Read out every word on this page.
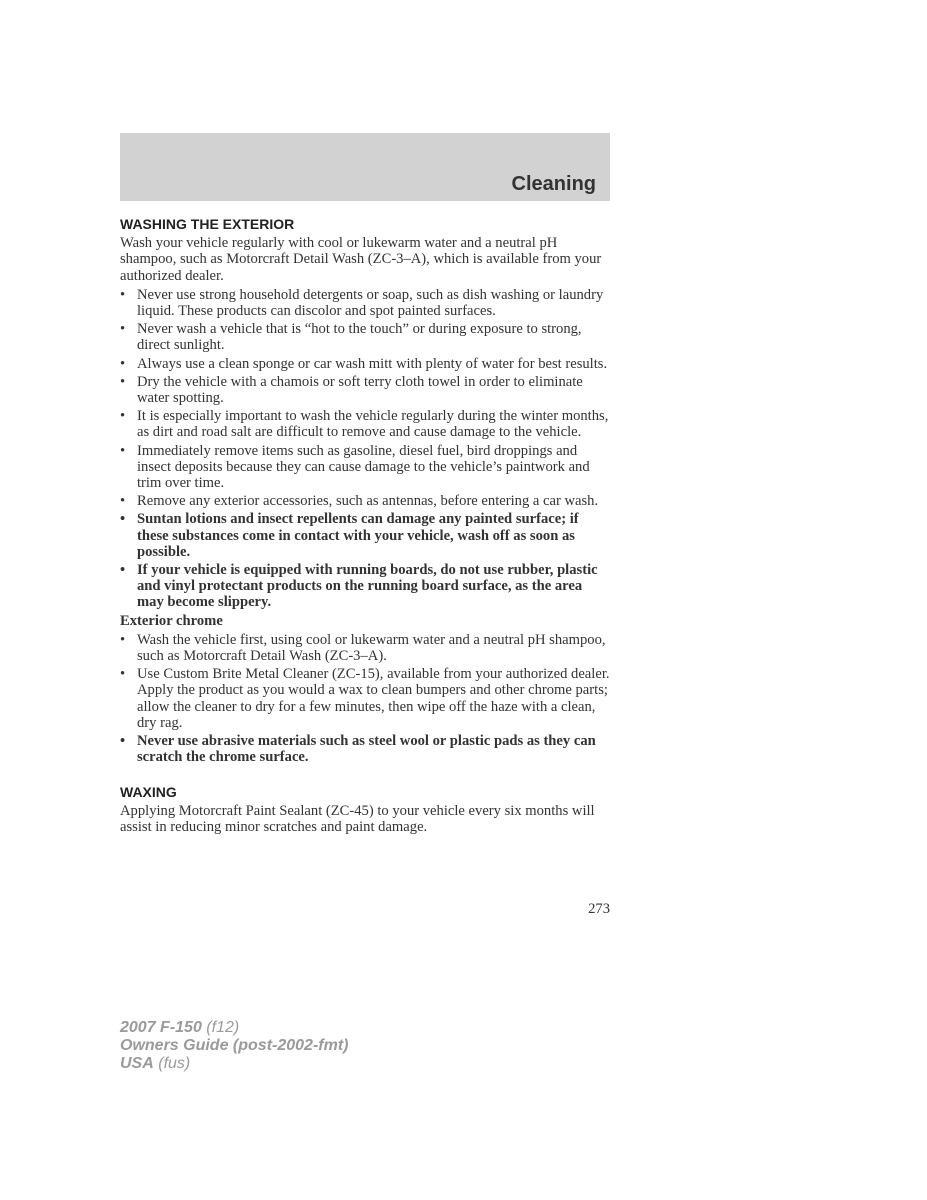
Cleaning
WASHING THE EXTERIOR

Wash your vehicle regularly with cool or lukewarm water and a neutral pH shampoo, such as Motorcraft Detail Wash (ZC-3–A), which is available from your authorized dealer.

• Never use strong household detergents or soap, such as dish washing or laundry liquid. These products can discolor and spot painted surfaces.
• Never wash a vehicle that is “hot to the touch” or during exposure to strong, direct sunlight.
• Always use a clean sponge or car wash mitt with plenty of water for best results.
• Dry the vehicle with a chamois or soft terry cloth towel in order to eliminate water spotting.
• It is especially important to wash the vehicle regularly during the winter months, as dirt and road salt are difficult to remove and cause damage to the vehicle.
• Immediately remove items such as gasoline, diesel fuel, bird droppings and insect deposits because they can cause damage to the vehicle’s paintwork and trim over time.
• Remove any exterior accessories, such as antennas, before entering a car wash.
• Suntan lotions and insect repellents can damage any painted surface; if these substances come in contact with your vehicle, wash off as soon as possible.
• If your vehicle is equipped with running boards, do not use rubber, plastic and vinyl protectant products on the running board surface, as the area may become slippery.
Exterior chrome
• Wash the vehicle first, using cool or lukewarm water and a neutral pH shampoo, such as Motorcraft Detail Wash (ZC-3–A).
• Use Custom Brite Metal Cleaner (ZC-15), available from your authorized dealer. Apply the product as you would a wax to clean bumpers and other chrome parts; allow the cleaner to dry for a few minutes, then wipe off the haze with a clean, dry rag.
• Never use abrasive materials such as steel wool or plastic pads as they can scratch the chrome surface.
WAXING

Applying Motorcraft Paint Sealant (ZC-45) to your vehicle every six months will assist in reducing minor scratches and paint damage.

273
2007 F-150 (f12)
Owners Guide (post-2002-fmt)
USA (fus)
